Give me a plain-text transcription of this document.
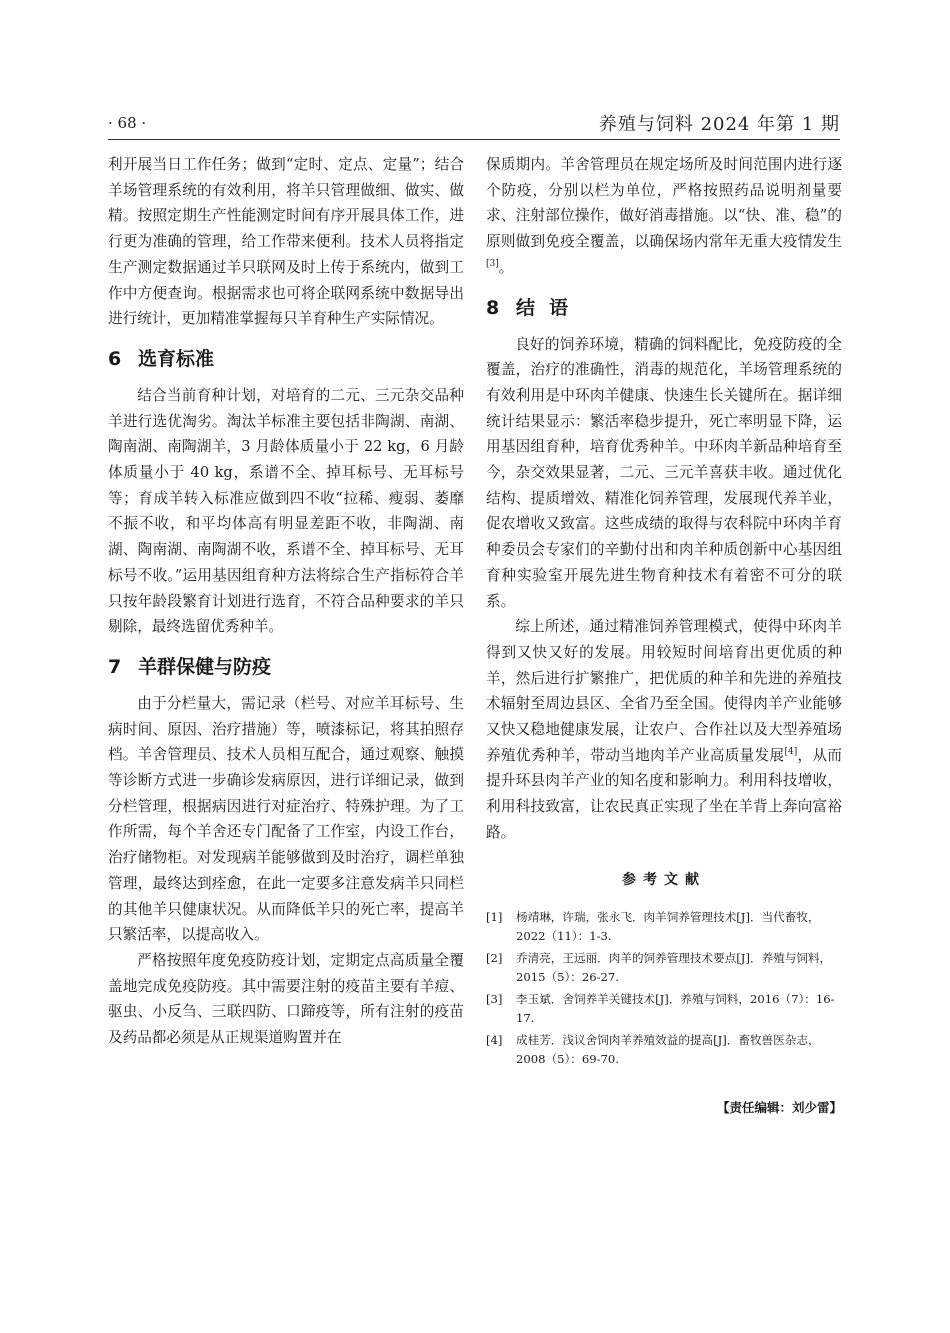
· 68 ·	养殖与饲料 2024 年第 1 期

利开展当日工作任务；做到“定时、定点、定量”；结合羊场管理系统的有效利用，将羊只管理做细、做实、做精。按照定期生产性能测定时间有序开展具体工作，进行更为准确的管理，给工作带来便利。技术人员将指定生产测定数据通过羊只联网及时上传于系统内，做到工作中方便查询。根据需求也可将企联网系统中数据导出进行统计，更加精准掌握每只羊育种生产实际情况。

6 选育标准

结合当前育种计划，对培育的二元、三元杂交品种羊进行选优淘劣。淘汰羊标准主要包括非陶湖、南湖、陶南湖、南陶湖羊，3 月龄体质量小于 22 kg，6 月龄体质量小于 40 kg，系谱不全、掉耳标号、无耳标号等；育成羊转入标准应做到四不收“拉稀、瘦弱、萎靡不振不收，和平均体高有明显差距不收，非陶湖、南湖、陶南湖、南陶湖不收，系谱不全、掉耳标号、无耳标号不收。”运用基因组育种方法将综合生产指标符合羊只按年龄段繁育计划进行选育，不符合品种要求的羊只剔除，最终选留优秀种羊。

7 羊群保健与防疫

由于分栏量大，需记录（栏号、对应羊耳标号、生病时间、原因、治疗措施）等，喷漆标记，将其拍照存档。羊舍管理员、技术人员相互配合，通过观察、触摸等诊断方式进一步确诊发病原因，进行详细记录，做到分栏管理，根据病因进行对症治疗、特殊护理。为了工作所需，每个羊舍还专门配备了工作室，内设工作台，治疗储物柜。对发现病羊能够做到及时治疗，调栏单独管理，最终达到痊愈，在此一定要多注意发病羊只同栏的其他羊只健康状况。从而降低羊只的死亡率，提高羊只繁活率，以提高收入。

严格按照年度免疫防疫计划，定期定点高质量全覆盖地完成免疫防疫。其中需要注射的疫苗主要有羊痘、驱虫、小反刍、三联四防、口蹄疫等，所有注射的疫苗及药品都必须是从正规渠道购置并在

保质期内。羊舍管理员在规定场所及时间范围内进行逐个防疫，分别以栏为单位，严格按照药品说明剂量要求、注射部位操作，做好消毒措施。以“快、准、稳”的原则做到免疫全覆盖，以确保场内常年无重大疫情发生[3]。

8 结语

良好的饲养环境，精确的饲料配比，免疫防疫的全覆盖，治疗的准确性，消毒的规范化，羊场管理系统的有效利用是中环肉羊健康、快速生长关键所在。据详细统计结果显示：繁活率稳步提升，死亡率明显下降，运用基因组育种，培育优秀种羊。中环肉羊新品种培育至今，杂交效果显著，二元、三元羊喜获丰收。通过优化结构、提质增效、精准化饲养管理，发展现代养羊业，促农增收又致富。这些成绩的取得与农科院中环肉羊育种委员会专家们的辛勤付出和肉羊种质创新中心基因组育种实验室开展先进生物育种技术有着密不可分的联系。

综上所述，通过精准饲养管理模式，使得中环肉羊得到又快又好的发展。用较短时间培育出更优质的种羊，然后进行扩繁推广，把优质的种羊和先进的养殖技术辐射至周边县区、全省乃至全国。使得肉羊产业能够又快又稳地健康发展，让农户、合作社以及大型养殖场养殖优秀种羊，带动当地肉羊产业高质量发展[4]，从而提升环县肉羊产业的知名度和影响力。利用科技增收，利用科技致富，让农民真正实现了坐在羊背上奔向富裕路。

参考文献
[1] 杨靖琳，许瑞，张永飞．肉羊饲养管理技术[J]．当代畜牧，2022（11）：1-3.
[2] 乔清亮，王远丽．肉羊的饲养管理技术要点[J]．养殖与饲料，2015（5）：26-27.
[3] 李玉斌．舍饲养羊关键技术[J]．养殖与饲料，2016（7）：16-17.
[4] 成桂芳．浅议舍饲肉羊养殖效益的提高[J]．畜牧兽医杂志，2008（5）：69-70.
【责任编辑：刘少雷】
